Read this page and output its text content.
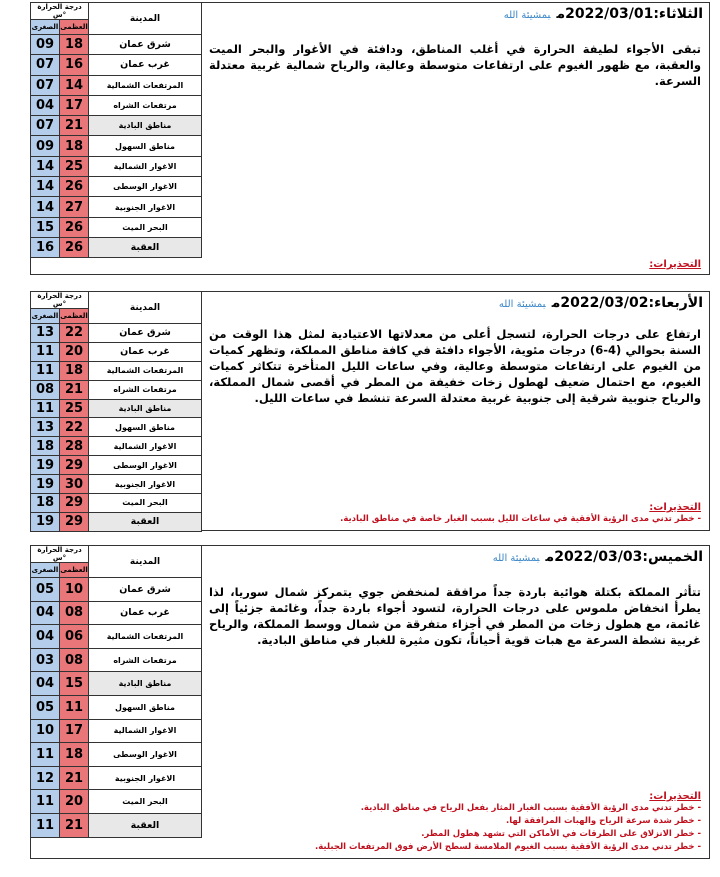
الثلاثاء:2022/03/01مبمشيئة الله
تبقى الأجواء لطيفة الحرارة في أغلب المناطق، ودافئة في الأغوار والبحر الميت والعقبة، مع ظهور الغيوم على ارتفاعات متوسطة وعالية، والرياح شمالية غربية معتدلة السرعة.
التحذيرات:
درجة الحرارة س°		المدينة
الصغرى	العظمى	
09	18	شرق عمان
07	16	غرب عمان
07	14	المرتفعات الشمالية
04	17	مرتفعات الشراه
07	21	مناطق البادية
09	18	مناطق السهول
14	25	الاغوار الشمالية
14	26	الاغوار الوسطى
14	27	الاغوار الجنوبية
15	26	البحر الميت
16	26	العقبة
الأربعاء:2022/03/02مبمشيئة الله
ارتفاع على درجات الحرارة، لتسجل أعلى من معدلاتها الاعتيادية لمثل هذا الوقت من السنة بحوالي (4-6) درجات مئوية، الأجواء دافئة في كافة مناطق المملكة، وتظهر كميات من الغيوم على ارتفاعات متوسطة وعالية، وفي ساعات الليل المتأخرة تتكاثر كميات الغيوم، مع احتمال ضعيف لهطول زخات خفيفة من المطر في أقصى شمال المملكة، والرياح جنوبية شرقية إلى جنوبية غربية معتدلة السرعة تنشط في ساعات الليل.
التحذيرات:
- خطر تدني مدى الرؤية الأفقية في ساعات الليل بسبب الغبار خاصة في مناطق البادية.
درجة الحرارة س°		المدينة
الصغرى	العظمى	
13	22	شرق عمان
11	20	غرب عمان
11	18	المرتفعات الشمالية
08	21	مرتفعات الشراه
11	25	مناطق البادية
13	22	مناطق السهول
18	28	الاغوار الشمالية
19	29	الاغوار الوسطى
19	30	الاغوار الجنوبية
18	29	البحر الميت
19	29	العقبة
الخميس:2022/03/03مبمشيئة الله
تتأثر المملكة بكتلة هوائية باردة جداً مرافقة لمنخفض جوي يتمركز شمال سوريا، لذا يطرأ انخفاض ملموس على درجات الحرارة، لتسود أجواء باردة جداً، وغائمة جزئياً إلى غائمة، مع هطول زخات من المطر في أجزاء متفرقة من شمال ووسط المملكة، والرياح غربية نشطة السرعة مع هبات قوية أحياناً، تكون مثيرة للغبار في مناطق البادية.
التحذيرات:
- خطر تدني مدى الرؤية الأفقية بسبب الغبار المثار بفعل الرياح في مناطق البادية.
- خطر شدة سرعة الرياح والهبات المرافقة لها.
- خطر الانزلاق على الطرقات في الأماكن التي تشهد هطول المطر.
- خطر تدني مدى الرؤية الأفقية بسبب الغيوم الملامسة لسطح الأرض فوق المرتفعات الجبلية.
درجة الحرارة س°		المدينة
الصغرى	العظمى	
05	10	شرق عمان
04	08	غرب عمان
04	06	المرتفعات الشمالية
03	08	مرتفعات الشراه
04	15	مناطق البادية
05	11	مناطق السهول
10	17	الاغوار الشمالية
11	18	الاغوار الوسطى
12	21	الاغوار الجنوبية
11	20	البحر الميت
11	21	العقبة
